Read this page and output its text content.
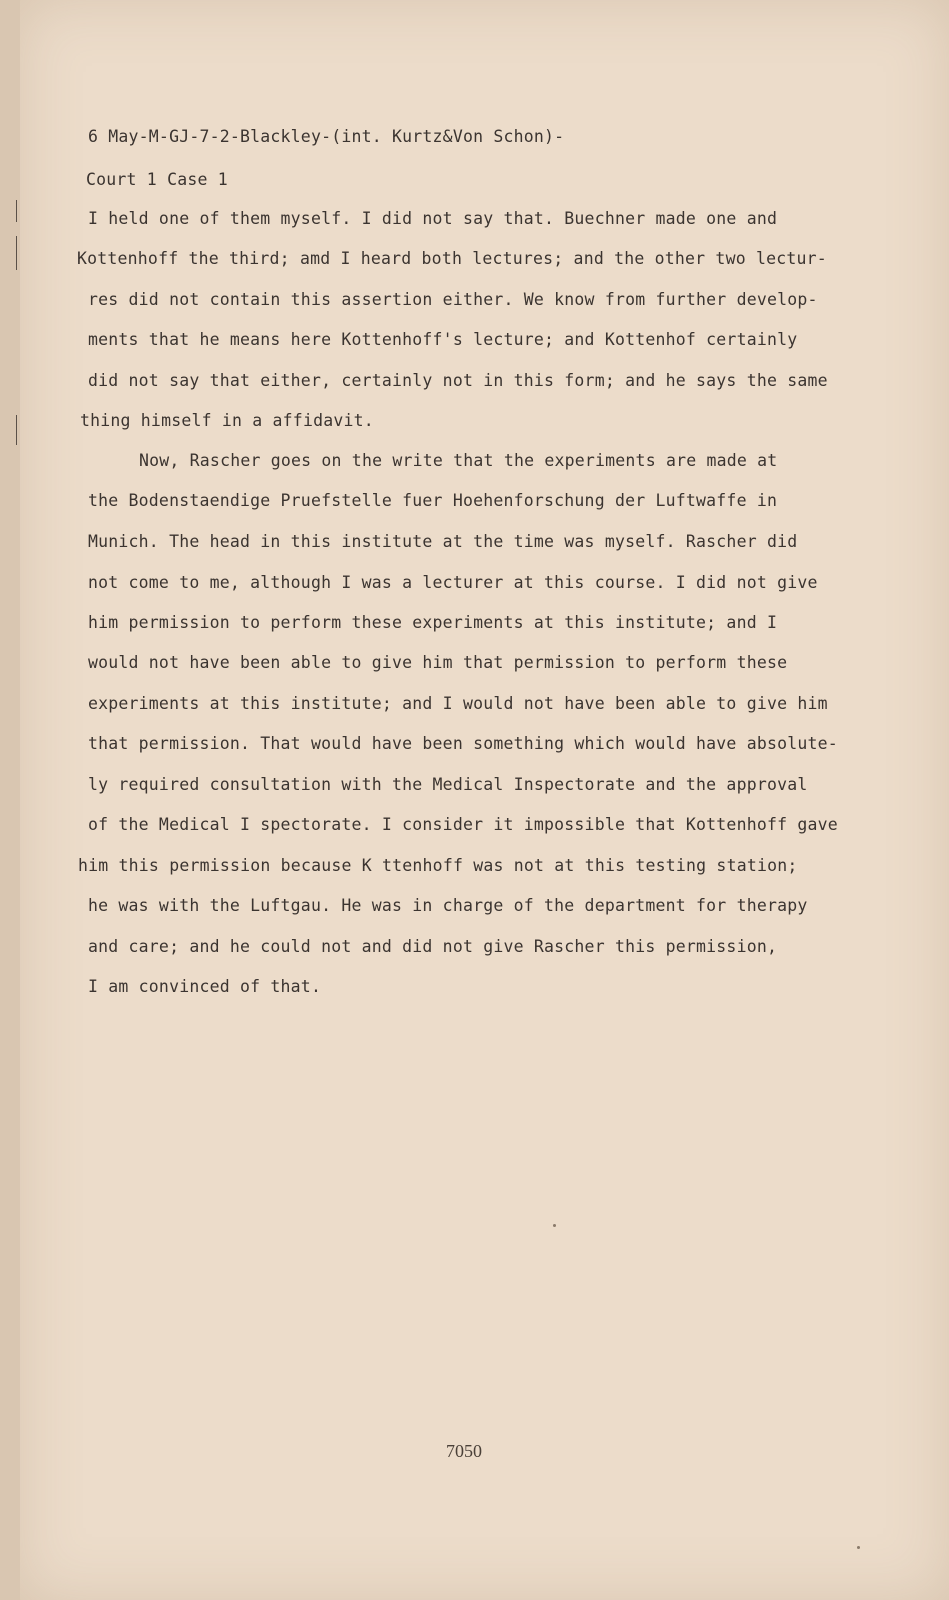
6 May-M-GJ-7-2-Blackley-(int. Kurtz&Von Schon)-
Court 1 Case 1
I held one of them myself. I did not say that. Buechner made one and
Kottenhoff the third; amd I heard both lectures; and the other two lectur-
res did not contain this assertion either. We know from further develop-
ments that he means here Kottenhoff's lecture; and Kottenhof certainly
did not say that either, certainly not in this form; and he says the same
thing himself in a affidavit.
Now, Rascher goes on the write that the experiments are made at
the Bodenstaendige Pruefstelle fuer Hoehenforschung der Luftwaffe in
Munich. The head in this institute at the time was myself. Rascher did
not come to me, although I was a lecturer at this course. I did not give
him permission to perform these experiments at this institute; and I
would not have been able to give him that permission to perform these
experiments at this institute; and I would not have been able to give him
that permission. That would have been something which would have absolute-
ly required consultation with the Medical Inspectorate and the approval
of the Medical I spectorate. I consider it impossible that Kottenhoff gave
him this permission because K ttenhoff was not at this testing station;
he was with the Luftgau. He was in charge of the department for therapy
and care; and he could not and did not give Rascher this permission,
I am convinced of that.
7050
